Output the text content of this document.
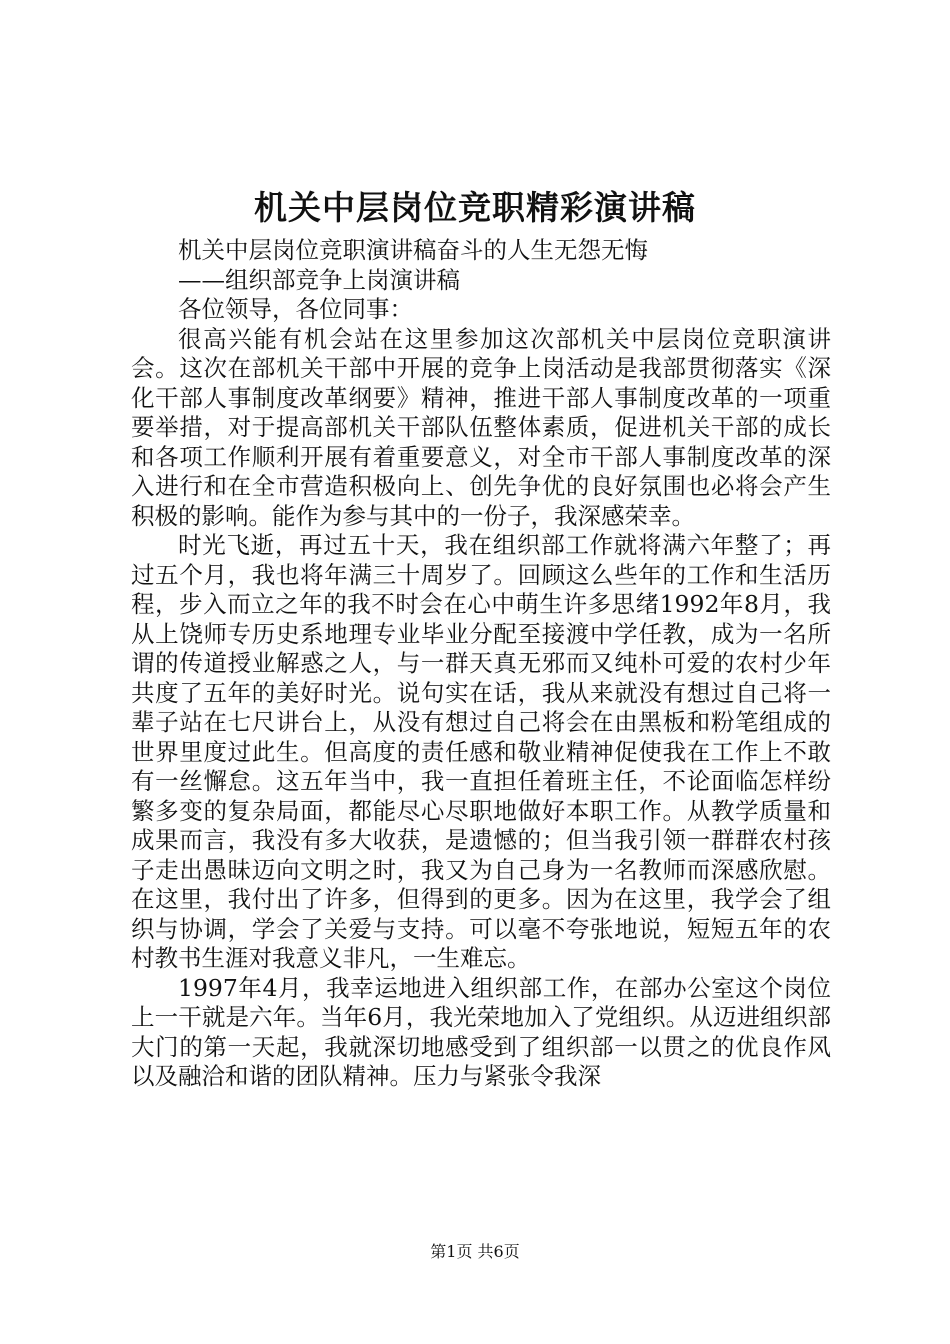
机关中层岗位竞职精彩演讲稿

机关中层岗位竞职演讲稿奋斗的人生无怨无悔

——组织部竞争上岗演讲稿

各位领导，各位同事：

很高兴能有机会站在这里参加这次部机关中层岗位竞职演讲会。这次在部机关干部中开展的竞争上岗活动是我部贯彻落实《深化干部人事制度改革纲要》精神，推进干部人事制度改革的一项重要举措，对于提高部机关干部队伍整体素质，促进机关干部的成长和各项工作顺利开展有着重要意义，对全市干部人事制度改革的深入进行和在全市营造积极向上、创先争优的良好氛围也必将会产生积极的影响。能作为参与其中的一份子，我深感荣幸。

时光飞逝，再过五十天，我在组织部工作就将满六年整了；再过五个月，我也将年满三十周岁了。回顾这么些年的工作和生活历程，步入而立之年的我不时会在心中萌生许多思绪1992年8月，我从上饶师专历史系地理专业毕业分配至接渡中学任教，成为一名所谓的传道授业解惑之人，与一群天真无邪而又纯朴可爱的农村少年共度了五年的美好时光。说句实在话，我从来就没有想过自己将一辈子站在七尺讲台上，从没有想过自己将会在由黑板和粉笔组成的世界里度过此生。但高度的责任感和敬业精神促使我在工作上不敢有一丝懈怠。这五年当中，我一直担任着班主任，不论面临怎样纷繁多变的复杂局面，都能尽心尽职地做好本职工作。从教学质量和成果而言，我没有多大收获，是遗憾的；但当我引领一群群农村孩子走出愚昧迈向文明之时，我又为自己身为一名教师而深感欣慰。在这里，我付出了许多，但得到的更多。因为在这里，我学会了组织与协调，学会了关爱与支持。可以毫不夸张地说，短短五年的农村教书生涯对我意义非凡，一生难忘。

1997年4月，我幸运地进入组织部工作，在部办公室这个岗位上一干就是六年。当年6月，我光荣地加入了党组织。从迈进组织部大门的第一天起，我就深切地感受到了组织部一以贯之的优良作风以及融洽和谐的团队精神。压力与紧张令我深

第1页 共6页
